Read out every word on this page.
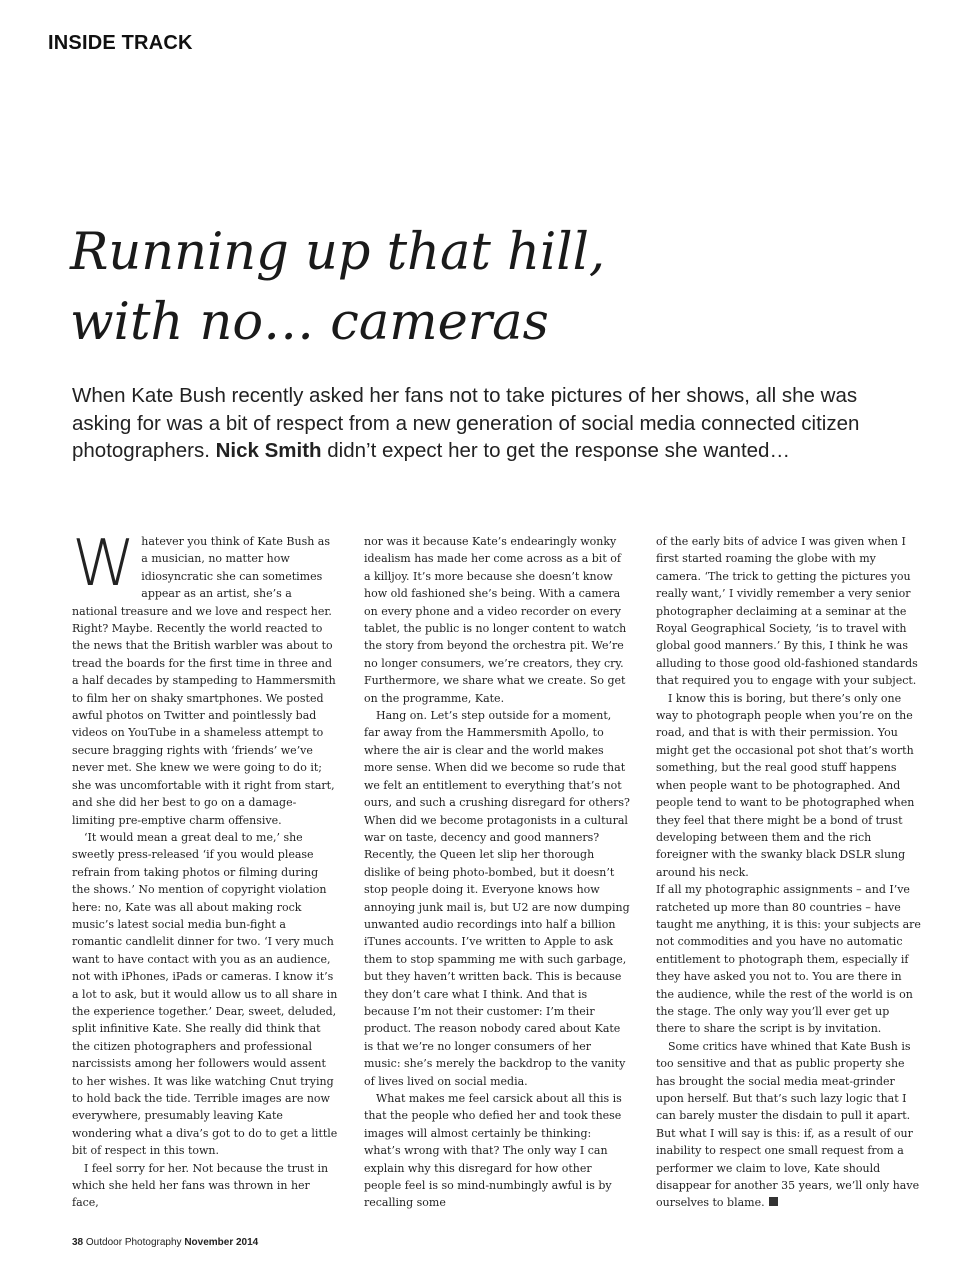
INSIDE TRACK
Running up that hill,
with no… cameras

When Kate Bush recently asked her fans not to take pictures of her shows, all she was asking for was a bit of respect from a new generation of social media connected citizen photographers. Nick Smith didn’t expect her to get the response she wanted…

Whatever you think of Kate Bush as a musician, no matter how idiosyncratic she can sometimes appear as an artist, she’s a national treasure and we love and respect her. Right? Maybe. Recently the world reacted to the news that the British warbler was about to tread the boards for the first time in three and a half decades by stampeding to Hammersmith to film her on shaky smartphones. We posted awful photos on Twitter and pointlessly bad videos on YouTube in a shameless attempt to secure bragging rights with ‘friends’ we’ve never met. She knew we were going to do it; she was uncomfortable with it right from start, and she did her best to go on a damage-limiting pre-emptive charm offensive.

‘It would mean a great deal to me,’ she sweetly press-released ‘if you would please refrain from taking photos or filming during the shows.’ No mention of copyright violation here: no, Kate was all about making rock music’s latest social media bun-fight a romantic candlelit dinner for two. ‘I very much want to have contact with you as an audience, not with iPhones, iPads or cameras. I know it’s a lot to ask, but it would allow us to all share in the experience together.’ Dear, sweet, deluded, split infinitive Kate. She really did think that the citizen photographers and professional narcissists among her followers would assent to her wishes. It was like watching Cnut trying to hold back the tide. Terrible images are now everywhere, presumably leaving Kate wondering what a diva’s got to do to get a little bit of respect in this town.

I feel sorry for her. Not because the trust in which she held her fans was thrown in her face,

nor was it because Kate’s endearingly wonky idealism has made her come across as a bit of a killjoy. It’s more because she doesn’t know how old fashioned she’s being. With a camera on every phone and a video recorder on every tablet, the public is no longer content to watch the story from beyond the orchestra pit. We’re no longer consumers, we’re creators, they cry. Furthermore, we share what we create. So get on the programme, Kate.

Hang on. Let’s step outside for a moment, far away from the Hammersmith Apollo, to where the air is clear and the world makes more sense. When did we become so rude that we felt an entitlement to everything that’s not ours, and such a crushing disregard for others? When did we become protagonists in a cultural war on taste, decency and good manners? Recently, the Queen let slip her thorough dislike of being photo-bombed, but it doesn’t stop people doing it. Everyone knows how annoying junk mail is, but U2 are now dumping unwanted audio recordings into half a billion iTunes accounts. I’ve written to Apple to ask them to stop spamming me with such garbage, but they haven’t written back. This is because they don’t care what I think. And that is because I’m not their customer: I’m their product. The reason nobody cared about Kate is that we’re no longer consumers of her music: she’s merely the backdrop to the vanity of lives lived on social media.

What makes me feel carsick about all this is that the people who defied her and took these images will almost certainly be thinking: what’s wrong with that? The only way I can explain why this disregard for how other people feel is so mind-numbingly awful is by recalling some

of the early bits of advice I was given when I first started roaming the globe with my camera. ‘The trick to getting the pictures you really want,’ I vividly remember a very senior photographer declaiming at a seminar at the Royal Geographical Society, ‘is to travel with global good manners.’ By this, I think he was alluding to those good old-fashioned standards that required you to engage with your subject.

I know this is boring, but there’s only one way to photograph people when you’re on the road, and that is with their permission. You might get the occasional pot shot that’s worth something, but the real good stuff happens when people want to be photographed. And people tend to want to be photographed when they feel that there might be a bond of trust developing between them and the rich foreigner with the swanky black DSLR slung around his neck.

If all my photographic assignments – and I’ve ratcheted up more than 80 countries – have taught me anything, it is this: your subjects are not commodities and you have no automatic entitlement to photograph them, especially if they have asked you not to. You are there in the audience, while the rest of the world is on the stage. The only way you’ll ever get up there to share the script is by invitation.

Some critics have whined that Kate Bush is too sensitive and that as public property she has brought the social media meat-grinder upon herself. But that’s such lazy logic that I can barely muster the disdain to pull it apart. But what I will say is this: if, as a result of our inability to respect one small request from a performer we claim to love, Kate should disappear for another 35 years, we’ll only have ourselves to blame.

38 Outdoor Photography November 2014
